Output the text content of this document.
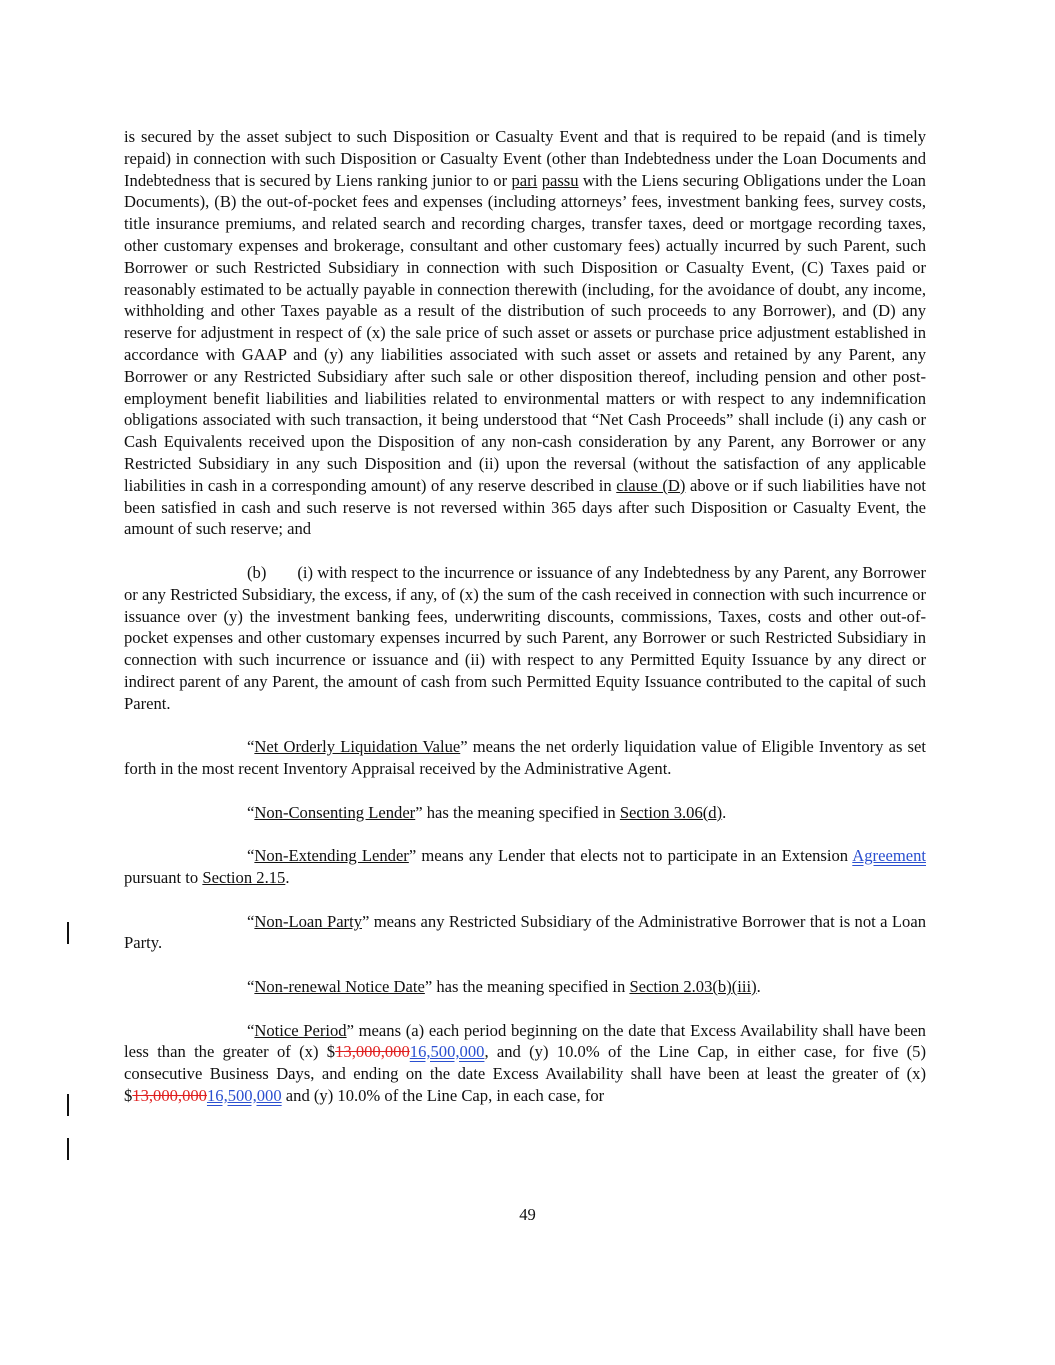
is secured by the asset subject to such Disposition or Casualty Event and that is required to be repaid (and is timely repaid) in connection with such Disposition or Casualty Event (other than Indebtedness under the Loan Documents and Indebtedness that is secured by Liens ranking junior to or pari passu with the Liens securing Obligations under the Loan Documents), (B) the out-of-pocket fees and expenses (including attorneys’ fees, investment banking fees, survey costs, title insurance premiums, and related search and recording charges, transfer taxes, deed or mortgage recording taxes, other customary expenses and brokerage, consultant and other customary fees) actually incurred by such Parent, such Borrower or such Restricted Subsidiary in connection with such Disposition or Casualty Event, (C) Taxes paid or reasonably estimated to be actually payable in connection therewith (including, for the avoidance of doubt, any income, withholding and other Taxes payable as a result of the distribution of such proceeds to any Borrower), and (D) any reserve for adjustment in respect of (x) the sale price of such asset or assets or purchase price adjustment established in accordance with GAAP and (y) any liabilities associated with such asset or assets and retained by any Parent, any Borrower or any Restricted Subsidiary after such sale or other disposition thereof, including pension and other post-employment benefit liabilities and liabilities related to environmental matters or with respect to any indemnification obligations associated with such transaction, it being understood that “Net Cash Proceeds” shall include (i) any cash or Cash Equivalents received upon the Disposition of any non-cash consideration by any Parent, any Borrower or any Restricted Subsidiary in any such Disposition and (ii) upon the reversal (without the satisfaction of any applicable liabilities in cash in a corresponding amount) of any reserve described in clause (D) above or if such liabilities have not been satisfied in cash and such reserve is not reversed within 365 days after such Disposition or Casualty Event, the amount of such reserve; and

(b) (i) with respect to the incurrence or issuance of any Indebtedness by any Parent, any Borrower or any Restricted Subsidiary, the excess, if any, of (x) the sum of the cash received in connection with such incurrence or issuance over (y) the investment banking fees, underwriting discounts, commissions, Taxes, costs and other out-of-pocket expenses and other customary expenses incurred by such Parent, any Borrower or such Restricted Subsidiary in connection with such incurrence or issuance and (ii) with respect to any Permitted Equity Issuance by any direct or indirect parent of any Parent, the amount of cash from such Permitted Equity Issuance contributed to the capital of such Parent.

“Net Orderly Liquidation Value” means the net orderly liquidation value of Eligible Inventory as set forth in the most recent Inventory Appraisal received by the Administrative Agent.

“Non-Consenting Lender” has the meaning specified in Section 3.06(d).

“Non-Extending Lender” means any Lender that elects not to participate in an Extension Agreement pursuant to Section 2.15.

“Non-Loan Party” means any Restricted Subsidiary of the Administrative Borrower that is not a Loan Party.

“Non-renewal Notice Date” has the meaning specified in Section 2.03(b)(iii).

“Notice Period” means (a) each period beginning on the date that Excess Availability shall have been less than the greater of (x) $13,000,00016,500,000, and (y) 10.0% of the Line Cap, in either case, for five (5) consecutive Business Days, and ending on the date Excess Availability shall have been at least the greater of (x) $13,000,00016,500,000 and (y) 10.0% of the Line Cap, in each case, for

49
